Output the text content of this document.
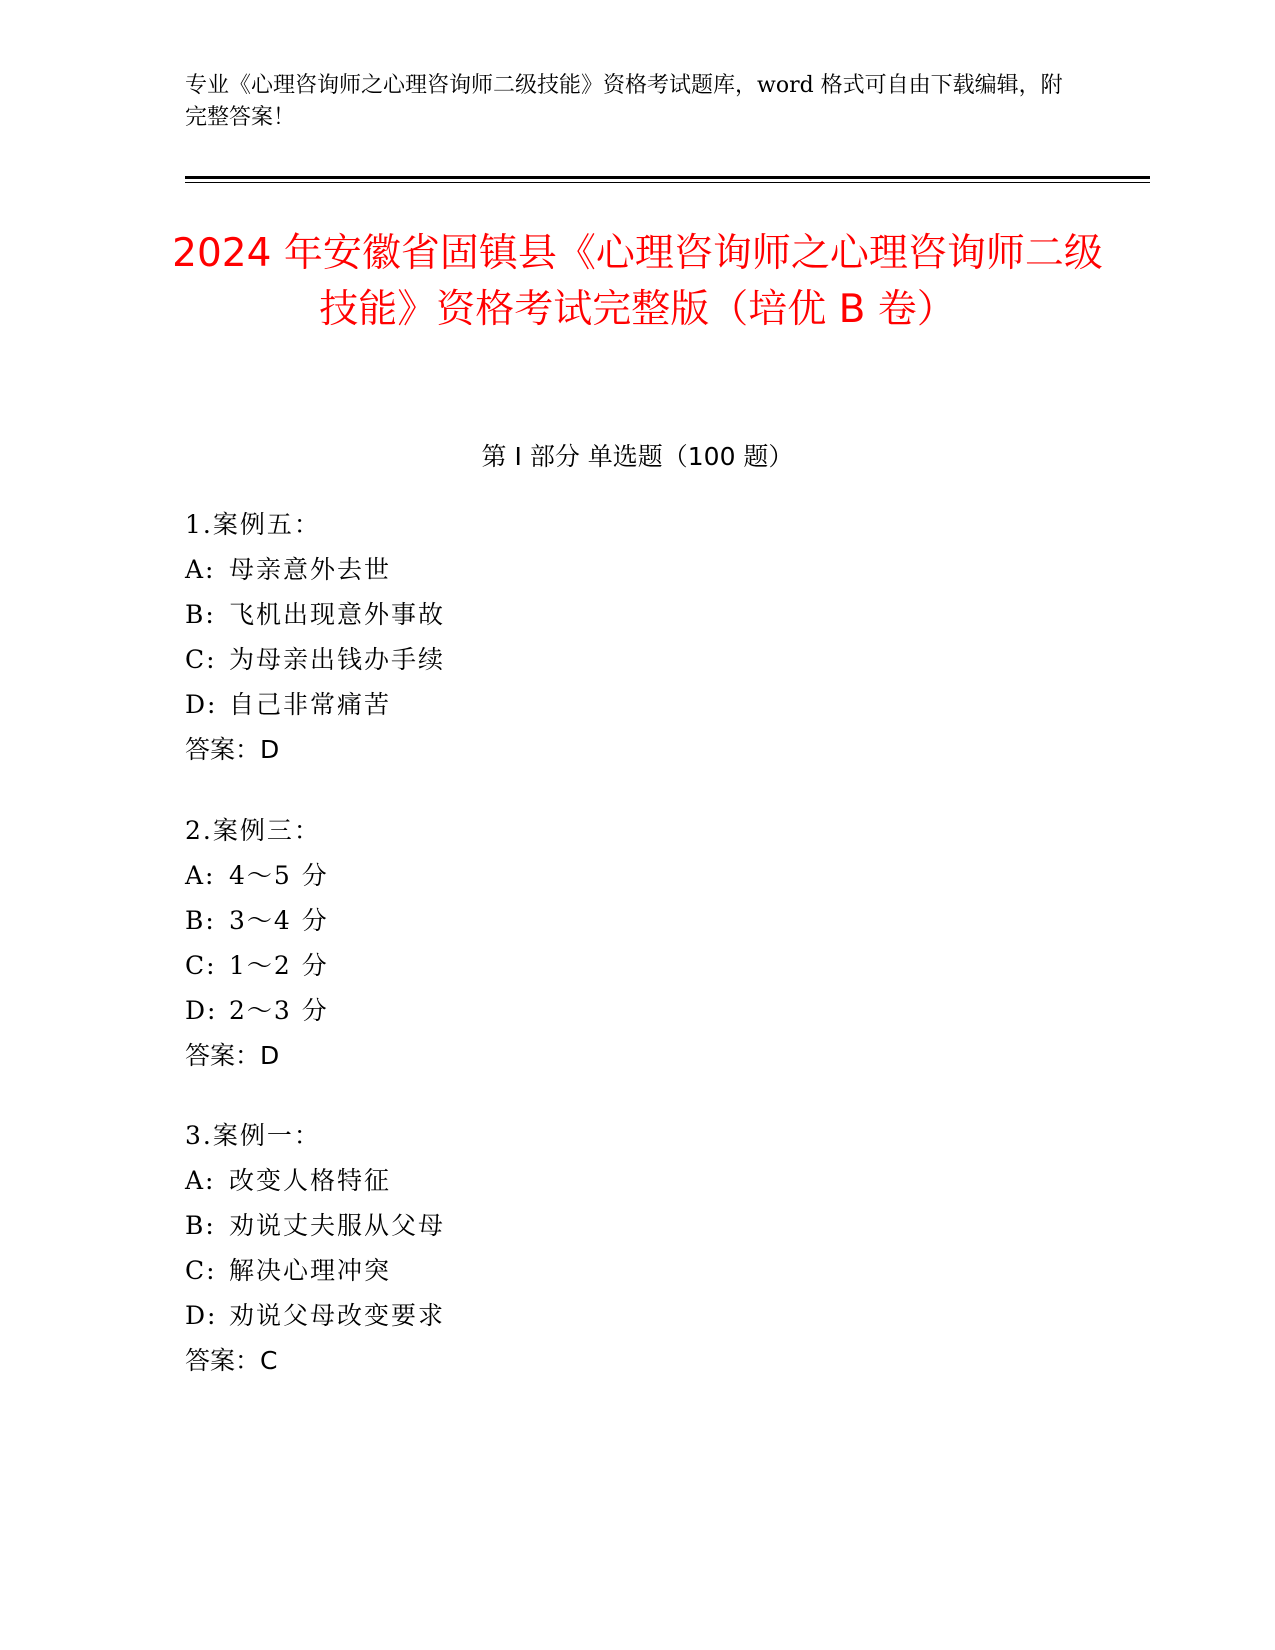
专业《心理咨询师之心理咨询师二级技能》资格考试题库，word 格式可自由下载编辑，附完整答案！
2024 年安徽省固镇县《心理咨询师之心理咨询师二级技能》资格考试完整版（培优 B 卷）
第 I 部分 单选题（100 题）
1.案例五：
A: 母亲意外去世
B: 飞机出现意外事故
C: 为母亲出钱办手续
D: 自己非常痛苦
答案：D
2.案例三：
A: 4～5 分
B: 3～4 分
C: 1～2 分
D: 2～3 分
答案：D
3.案例一：
A: 改变人格特征
B: 劝说丈夫服从父母
C: 解决心理冲突
D: 劝说父母改变要求
答案：C
